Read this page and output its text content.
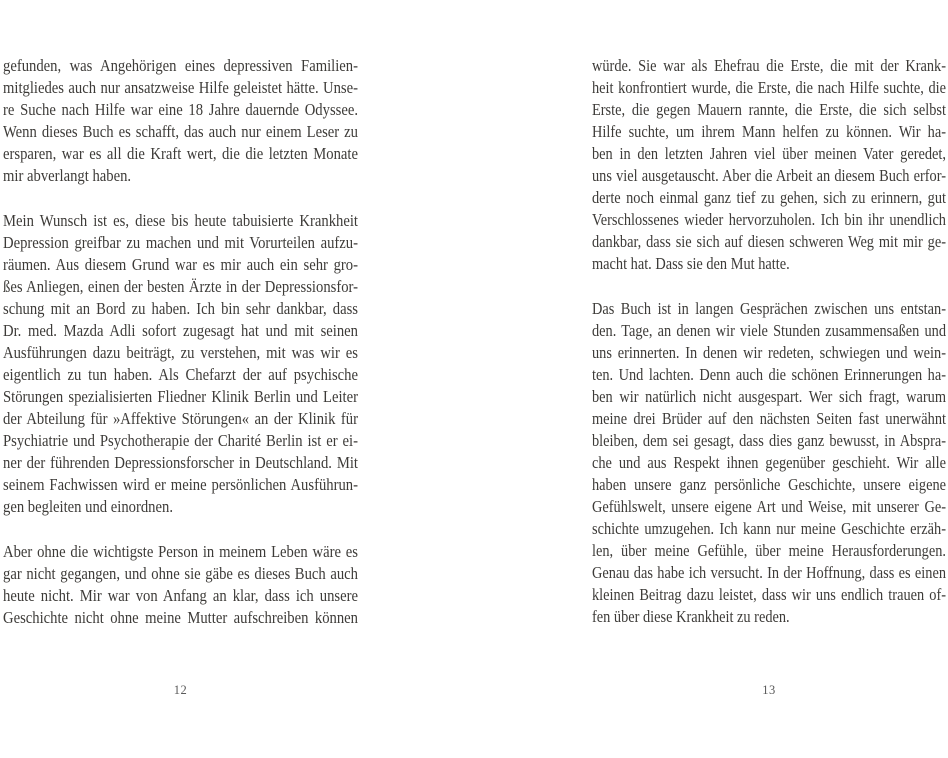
gefunden, was Angehörigen eines depressiven Familien-
mitgliedes auch nur ansatzweise Hilfe geleistet hätte. Unse-
re Suche nach Hilfe war eine 18 Jahre dauernde Odyssee.
Wenn dieses Buch es schafft, das auch nur einem Leser zu
ersparen, war es all die Kraft wert, die die letzten Monate
mir abverlangt haben.

Mein Wunsch ist es, diese bis heute tabuisierte Krankheit
Depression greifbar zu machen und mit Vorurteilen aufzu-
räumen. Aus diesem Grund war es mir auch ein sehr gro-
ßes Anliegen, einen der besten Ärzte in der Depressionsfor-
schung mit an Bord zu haben. Ich bin sehr dankbar, dass
Dr. med. Mazda Adli sofort zugesagt hat und mit seinen
Ausführungen dazu beiträgt, zu verstehen, mit was wir es
eigentlich zu tun haben. Als Chefarzt der auf psychische
Störungen spezialisierten Fliedner Klinik Berlin und Leiter
der Abteilung für »Affektive Störungen« an der Klinik für
Psychiatrie und Psychotherapie der Charité Berlin ist er ei-
ner der führenden Depressionsforscher in Deutschland. Mit
seinem Fachwissen wird er meine persönlichen Ausführun-
gen begleiten und einordnen.

Aber ohne die wichtigste Person in meinem Leben wäre es
gar nicht gegangen, und ohne sie gäbe es dieses Buch auch
heute nicht. Mir war von Anfang an klar, dass ich unsere
Geschichte nicht ohne meine Mutter aufschreiben können

12

würde. Sie war als Ehefrau die Erste, die mit der Krank-
heit konfrontiert wurde, die Erste, die nach Hilfe suchte, die
Erste, die gegen Mauern rannte, die Erste, die sich selbst
Hilfe suchte, um ihrem Mann helfen zu können. Wir ha-
ben in den letzten Jahren viel über meinen Vater geredet,
uns viel ausgetauscht. Aber die Arbeit an diesem Buch erfor-
derte noch einmal ganz tief zu gehen, sich zu erinnern, gut
Verschlossenes wieder hervorzuholen. Ich bin ihr unendlich
dankbar, dass sie sich auf diesen schweren Weg mit mir ge-
macht hat. Dass sie den Mut hatte.

Das Buch ist in langen Gesprächen zwischen uns entstan-
den. Tage, an denen wir viele Stunden zusammensaßen und
uns erinnerten. In denen wir redeten, schwiegen und wein-
ten. Und lachten. Denn auch die schönen Erinnerungen ha-
ben wir natürlich nicht ausgespart. Wer sich fragt, warum
meine drei Brüder auf den nächsten Seiten fast unerwähnt
bleiben, dem sei gesagt, dass dies ganz bewusst, in Abspra-
che und aus Respekt ihnen gegenüber geschieht. Wir alle
haben unsere ganz persönliche Geschichte, unsere eigene
Gefühlswelt, unsere eigene Art und Weise, mit unserer Ge-
schichte umzugehen. Ich kann nur meine Geschichte erzäh-
len, über meine Gefühle, über meine Herausforderungen.
Genau das habe ich versucht. In der Hoffnung, dass es einen
kleinen Beitrag dazu leistet, dass wir uns endlich trauen of-
fen über diese Krankheit zu reden.

13
